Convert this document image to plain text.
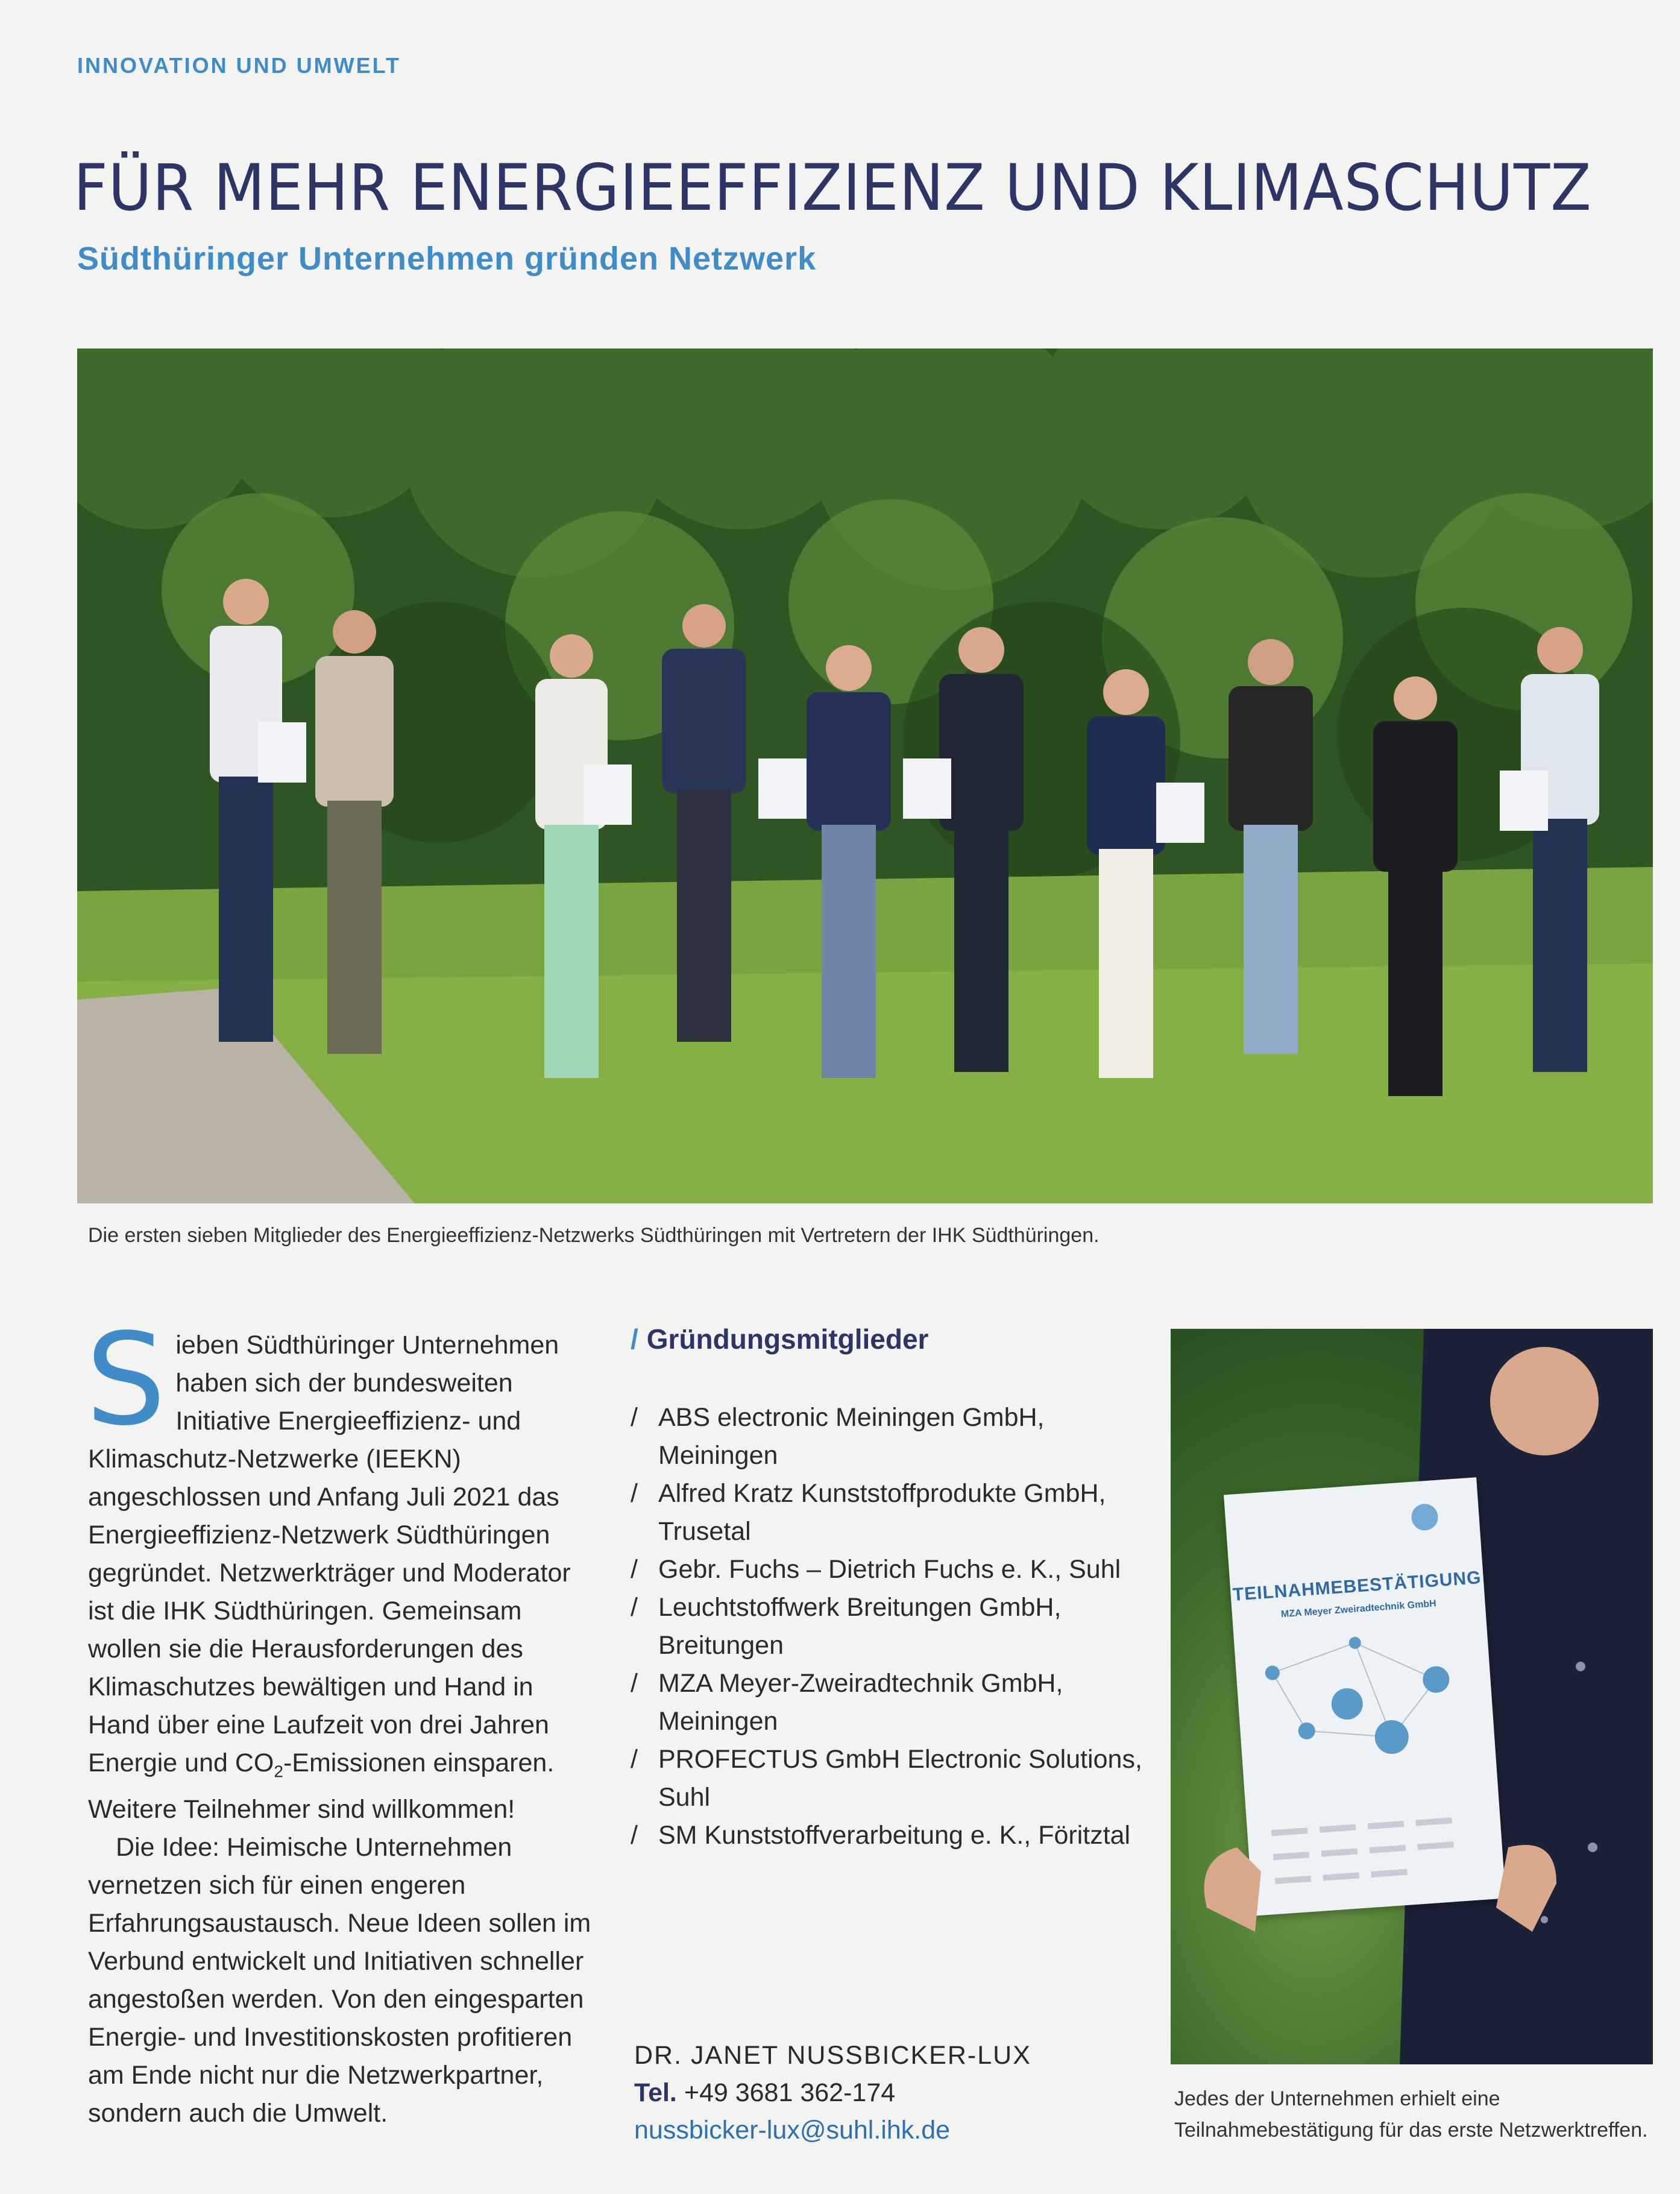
INNOVATION UND UMWELT
FÜR MEHR ENERGIEEFFIZIENZ UND KLIMASCHUTZ
Südthüringer Unternehmen gründen Netzwerk
Die ersten sieben Mitglieder des Energieeffizienz-Netzwerks Südthüringen mit Vertretern der IHK Südthüringen.

Sieben Südthüringer Unternehmen haben sich der bundesweiten Initiative Energieeffizienz- und Klimaschutz-Netzwerke (IEEKN) angeschlossen und Anfang Juli 2021 das Energieeffizienz-Netzwerk Südthüringen gegründet. Netzwerkträger und Moderator ist die IHK Südthüringen. Gemeinsam wollen sie die Herausforderungen des Klimaschutzes bewältigen und Hand in Hand über eine Laufzeit von drei Jahren Energie und $CO_2$-Emissionen einsparen. Weitere Teilnehmer sind willkommen!

Die Idee: Heimische Unternehmen vernetzen sich für einen engeren Erfahrungsaustausch. Neue Ideen sollen im Verbund entwickelt und Initiativen schneller angestoßen werden. Von den eingesparten Energie- und Investitionskosten profitieren am Ende nicht nur die Netzwerkpartner, sondern auch die Umwelt.

/ Gründungsmitglieder
/ ABS electronic Meiningen GmbH, Meiningen
/ Alfred Kratz Kunststoffprodukte GmbH, Trusetal
/ Gebr. Fuchs – Dietrich Fuchs e. K., Suhl
/ Leuchtstoffwerk Breitungen GmbH, Breitungen
/ MZA Meyer-Zweiradtechnik GmbH, Meiningen
/ PROFECTUS GmbH Electronic Solutions, Suhl
/ SM Kunststoffverarbeitung e. K., Föritztal
DR. JANET NUSSBICKER-LUX
Tel. +49 3681 362-174
nussbicker-lux@suhl.ihk.de
TEILNAHMEBESTÄTIGUNG
MZA Meyer Zweiradtechnik GmbH
Jedes der Unternehmen erhielt eine Teilnahmebestätigung für das erste Netzwerktreffen.
